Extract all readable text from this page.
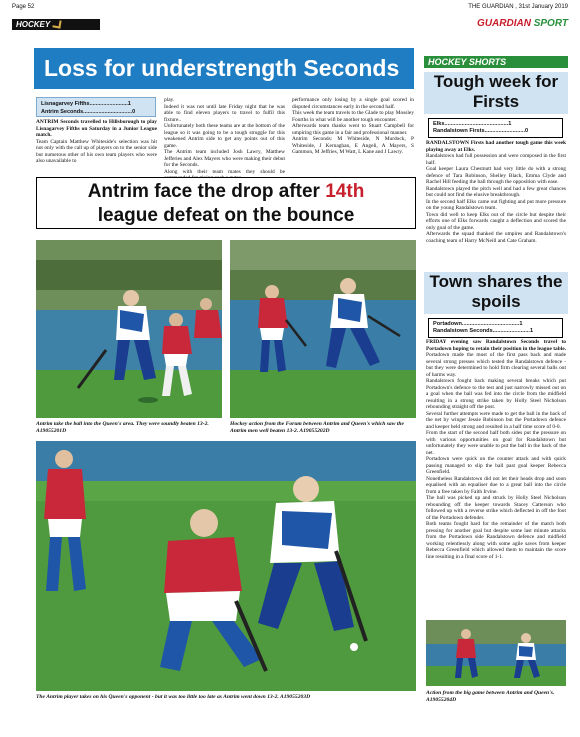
Page 52	THE GUARDIAN , 31st January 2019
HOCKEY	GUARDIAN SPORT
Loss for understrength Seconds
Lisnagarvey Fifths.........................1
Antrim Seconds................................0

ANTRIM Seconds travelled to Hillsborough to play Lisnagarvey Fifths on Saturday in a Junior League match.

Team Captain Matthew Whiteside's selection was hit not only with the call up of players on to the senior side but numerous other of his own team players who were also unavailable to

play.

Indeed it was not until late Friday night that he was able to find eleven players to travel to fulfil this fixture..

Unfortunately both these teams are at the bottom of the league so it was going to be a tough struggle for this weakened Antrim side to get any points out of this game.

The Antrim team included Josh Lawry, Matthew Jefferies and Alex Mayers who were making their debut for the Seconds.

Along with their team mates they should be

performance only losing by a single goal scored in disputed circumstances early in the second half.

This week the team travels to the Glade to play Mossley Fourths in what will be another tough encounter.

Afterwards team thanks went to Stuart Campbell for umpiring this game in a fair and professional manner.

Antrim Seconds: M Whiteside, N Murdock, P Whiteside, J Kernaghan, E Angeli, A Mayers, S Gammon, M Jeffries, M Watt, L Kane and J Lawry.

Antrim face the drop after 14th
league defeat on the bounce
Antrim take the ball into the Queen's area. They were soundly beaten 13-2. A19055201D
Hockey action from the Forum between Antrim and Queen's which saw the Antrim men well beaten 13-2. A19055202D
The Antrim player takes on his Queen's opponent - but it was too little too late as Antrim went down 13-2. A19055203D
HOCKEY SHORTS
Tough week for Firsts
Elks.........................................1
Randalstown Firsts..........................0

RANDALSTOWN Firsts had another tough game this week playing away at Elks.

Randalstown had full possession and were composed in the first half.

Goal keeper Laura Chestnutt had very little do with a strong defence of Tara Robinson, Shelley Black, Emma Clyde and Rachel Hill feeding the ball through the opposition with ease.

Randalstown played the pitch well and had a few great chances but could not find the elusive breakthrough.

In the second half Elks came out fighting and put more pressure on the young Randalstown team.

Town did well to keep Elks out of the circle but despite their efforts one of Elks forwards caught a deflection and scored the only goal of the game.

Afterwards the squad thanked the umpires and Randalstown's coaching team of Harry McNeill and Cate Graham.

Town shares the spoils
Portadown.....................................1
Randalstown Seconds........................1

FRIDAY evening saw Randalstown Seconds travel to Portadown hoping to retain their position in the league table.

Portadown made the most of the first pass back and made several strong presses which tested the Randalstown defence - but they were determined to hold firm clearing several balls out of harms way.

Randalstown fought back making several breaks which put Portadown's defence to the test and just narrowly missed out on a goal when the ball was fed into the circle from the midfield resulting in a strong strike taken by Holly Steel Nicholson rebounding straight off the post.

Several further attempts were made to get the ball in the back of the net by winger Jessie Robinson but the Portadown defence and keeper held strong and resulted in a half time score of 0-0.

From the start of the second half both sides put the pressure on with various opportunities on goal for Randalstown but unfortunately they were unable to put the ball in the back of the net.

Portadown were quick on the counter attack and with quick passing managed to slip the ball past goal keeper Rebecca Greenfield.

Nonetheless Randalstown did not let their heads drop and soon equalised with an equaliser due to a great ball into the circle from a free taken by Faith Irvine.

The ball was picked up and struck by Holly Steel Nicholson rebounding off the keeper towards Stacey Catterson who followed up with a reverse strike which deflected in off the foot of the Portadown defender.

Both teams fought hard for the remainder of the match both pressing for another goal but despite some last minute attacks from the Portadown side Randalstown defence and midfield working relentlessly along with some agile saves from keeper Rebecca Greenfield which allowed them to maintain the score line resulting in a final score of 1-1.

Action from the big game between Antrim and Queen's. A19055204D
